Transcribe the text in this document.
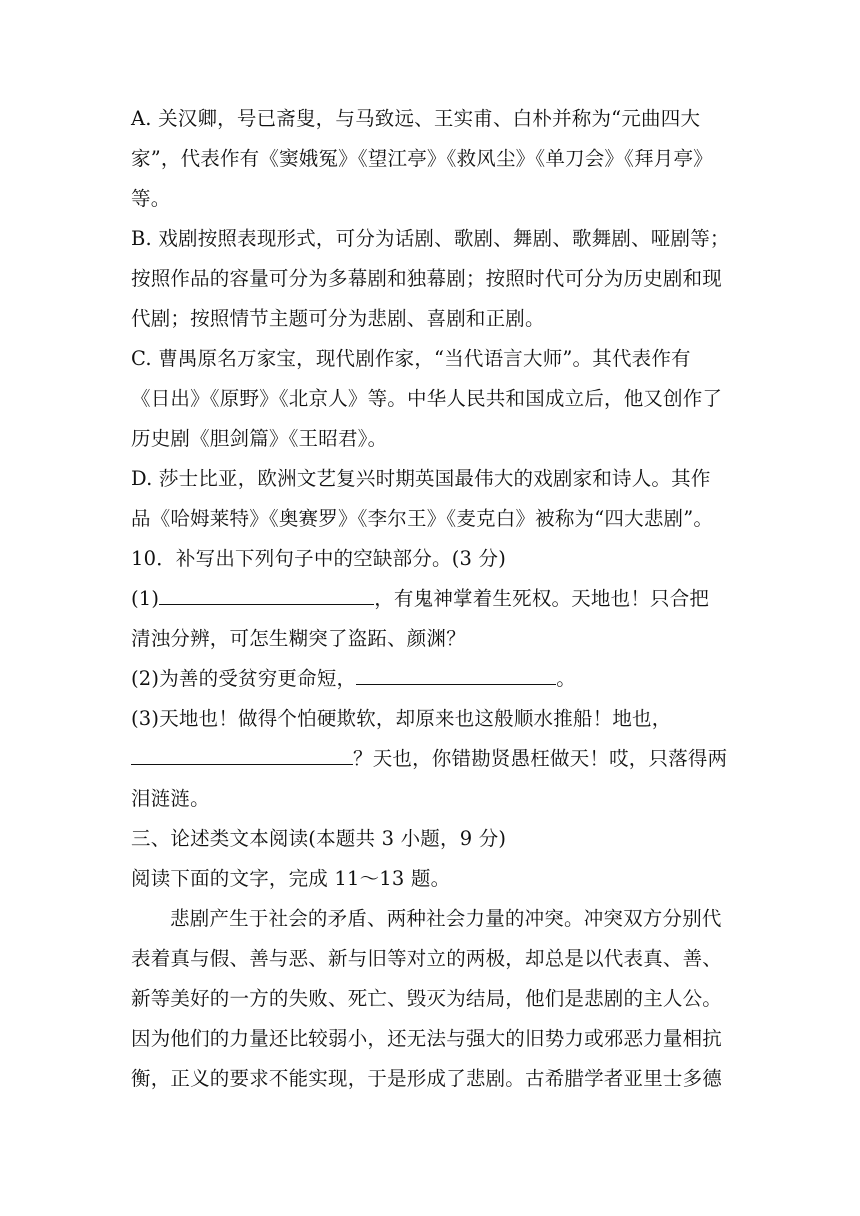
A. 关汉卿，号已斋叟，与马致远、王实甫、白朴并称为“元曲四大
家”，代表作有《窦娥冤》《望江亭》《救风尘》《单刀会》《拜月亭》
等。
B. 戏剧按照表现形式，可分为话剧、歌剧、舞剧、歌舞剧、哑剧等；
按照作品的容量可分为多幕剧和独幕剧；按照时代可分为历史剧和现
代剧；按照情节主题可分为悲剧、喜剧和正剧。
C. 曹禺原名万家宝，现代剧作家，“当代语言大师”。其代表作有
《日出》《原野》《北京人》等。中华人民共和国成立后，他又创作了
历史剧《胆剑篇》《王昭君》。
D. 莎士比亚，欧洲文艺复兴时期英国最伟大的戏剧家和诗人。其作
品《哈姆莱特》《奥赛罗》《李尔王》《麦克白》被称为“四大悲剧”。
10．补写出下列句子中的空缺部分。(3 分)
(1)	，有鬼神掌着生死权。天地也！只合把
清浊分辨，可怎生糊突了盗跖、颜渊？
(2)为善的受贫穷更命短，	。
(3)天地也！做得个怕硬欺软，却原来也这般顺水推船！地也，
？天也，你错勘贤愚枉做天！哎，只落得两
泪涟涟。
三、论述类文本阅读(本题共 3 小题，9 分)
阅读下面的文字，完成 11～13 题。
悲剧产生于社会的矛盾、两种社会力量的冲突。冲突双方分别代
表着真与假、善与恶、新与旧等对立的两极，却总是以代表真、善、
新等美好的一方的失败、死亡、毁灭为结局，他们是悲剧的主人公。
因为他们的力量还比较弱小，还无法与强大的旧势力或邪恶力量相抗
衡，正义的要求不能实现，于是形成了悲剧。古希腊学者亚里士多德
